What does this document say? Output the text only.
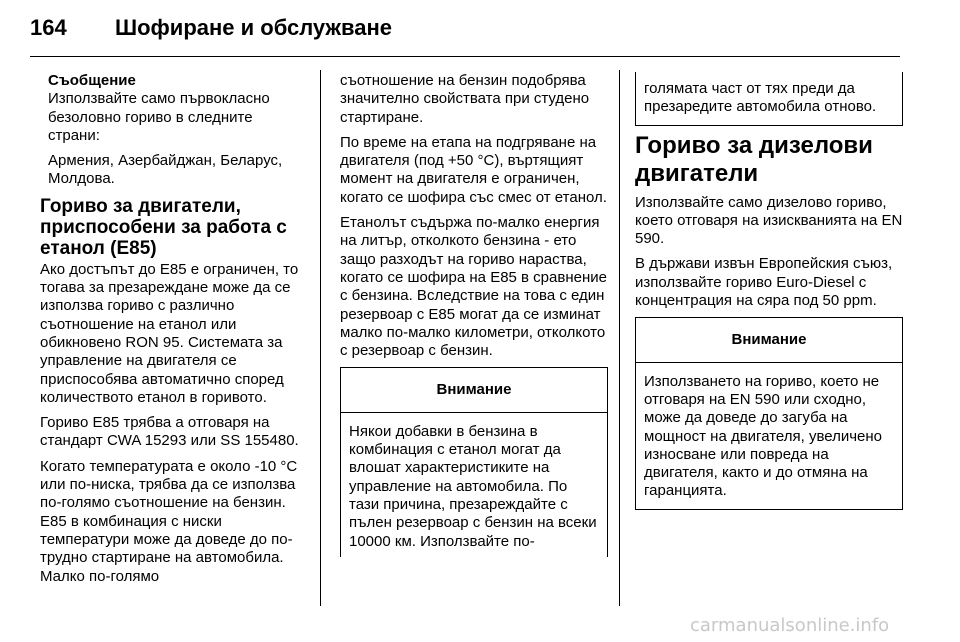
164 Шофиране и обслужване
Съобщение

Използвайте само първокласно безоловно гориво в следните страни:

Армения, Азербайджан, Беларус, Молдова.

Гориво за двигатели, приспособени за работа с етанол (E85)

Ако достъпът до E85 е ограничен, то тогава за презареждане може да се използва гориво с различно съотношение на етанол или обикновено RON 95. Системата за управление на двигателя се приспособява автоматично според количеството етанол в горивото.

Гориво E85 трябва а отговаря на стандарт CWA 15293 или SS 155480.

Когато температурата е около -10 °C или по-ниска, трябва да се използва по-голямо съотношение на бензин. E85 в комбинация с ниски температури може да доведе до по-трудно стартиране на автомобила. Малко по-голямо

съотношение на бензин подобрява значително свойствата при студено стартиране.

По време на етапа на подгряване на двигателя (под +50 °C), въртящият момент на двигателя е ограничен, когато се шофира със смес от етанол.

Етанолът съдържа по-малко енергия на литър, отколкото бензина - ето защо разходът на гориво нараства, когато се шофира на E85 в сравнение с бензина. Вследствие на това с един резервоар с E85 могат да се изминат малко по-малко километри, отколкото с резервоар с бензин.

Внимание
Някои добавки в бензина в комбинация с етанол могат да влошат характеристиките на управление на автомобила. По тази причина, презареждайте с пълен резервоар с бензин на всеки 10000 км. Използвайте по-
голямата част от тях преди да презаредите автомобила отново.
Гориво за дизелови двигатели

Използвайте само дизелово гориво, което отговаря на изискванията на EN 590.

В държави извън Европейския съюз, използвайте гориво Euro-Diesel с концентрация на сяра под 50 ppm.

Внимание
Използването на гориво, което не отговаря на EN 590 или сходно, може да доведе до загуба на мощност на двигателя, увеличено износване или повреда на двигателя, както и до отмяна на гаранцията.
carmanualsonline.info
